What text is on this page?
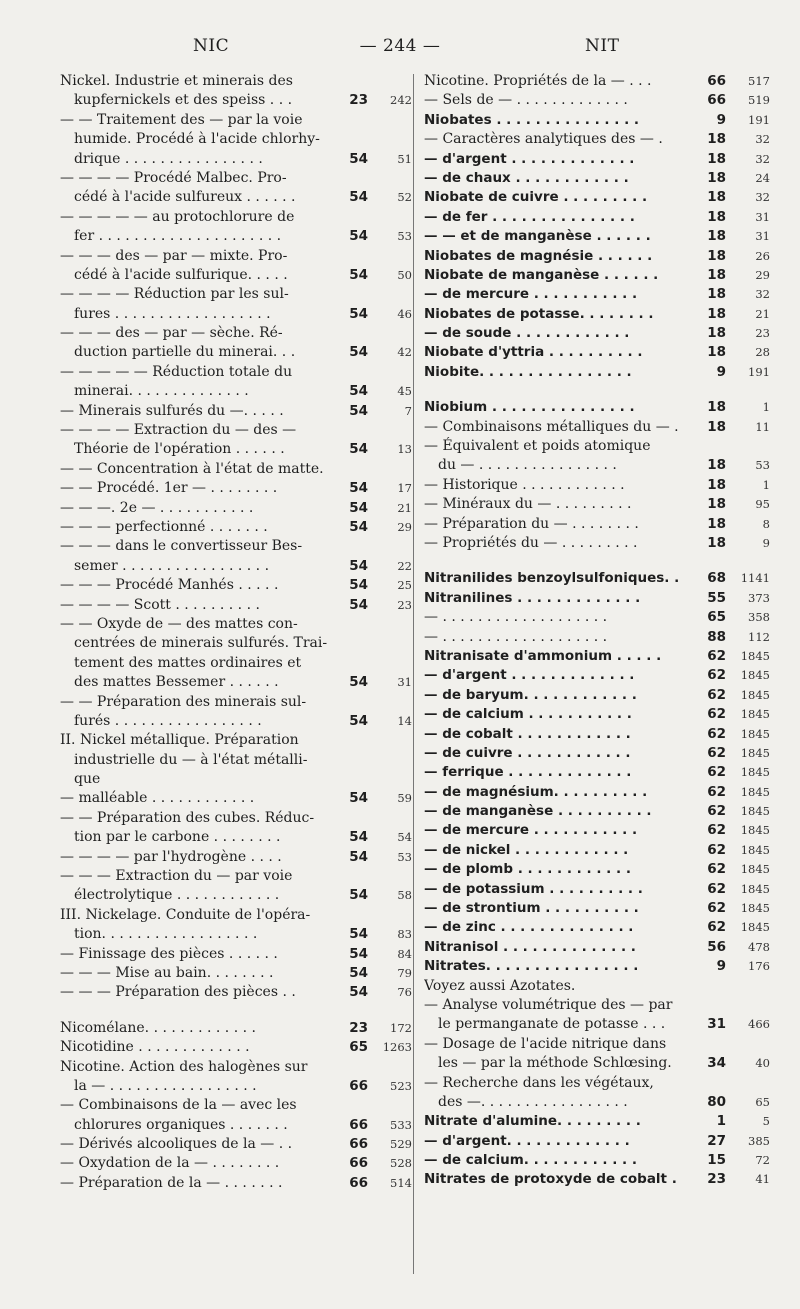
NIC	— 244 —	NIT
Nickel. Industrie et minerais des
kupfernickels et des speiss . . .	23	242
— — Traitement des — par la voie
humide. Procédé à l'acide chlorhy-
drique . . . . . . . . . . . . . . . .	54	51
— — — — Procédé Malbec. Pro-
cédé à l'acide sulfureux . . . . . .	54	52
— — — — — au protochlorure de
fer . . . . . . . . . . . . . . . . . . . . .	54	53
— — — des — par — mixte. Pro-
cédé à l'acide sulfurique. . . . .	54	50
— — — — Réduction par les sul-
fures . . . . . . . . . . . . . . . . . .	54	46
— — — des — par — sèche. Ré-
duction partielle du minerai. . .	54	42
— — — — — Réduction totale du
minerai. . . . . . . . . . . . . .	54	45
— Minerais sulfurés du —. . . . .	54	7
— — — — Extraction du — des —
Théorie de l'opération . . . . . .	54	13
— — Concentration à l'état de matte.
— — Procédé. 1er — . . . . . . . .	54	17
— — —. 2e — . . . . . . . . . . .	54	21
— — — perfectionné . . . . . . .	54	29
— — — dans le convertisseur Bes-
semer . . . . . . . . . . . . . . . . .	54	22
— — — Procédé Manhés . . . . .	54	25
— — — — Scott . . . . . . . . . .	54	23
— — Oxyde de — des mattes con-
centrées de minerais sulfurés. Trai-
tement des mattes ordinaires et
des mattes Bessemer . . . . . .	54	31
— — Préparation des minerais sul-
furés . . . . . . . . . . . . . . . . .	54	14
II. Nickel métallique. Préparation
industrielle du — à l'état métalli-
que
— malléable . . . . . . . . . . . .	54	59
— — Préparation des cubes. Réduc-
tion par le carbone . . . . . . . .	54	54
— — — — par l'hydrogène . . . .	54	53
— — — Extraction du — par voie
électrolytique . . . . . . . . . . . .	54	58
III. Nickelage. Conduite de l'opéra-
tion. . . . . . . . . . . . . . . . . .	54	83
— Finissage des pièces . . . . . .	54	84
— — — Mise au bain. . . . . . . .	54	79
— — — Préparation des pièces . .	54	76
Nicomélane. . . . . . . . . . . . .	23	172
Nicotidine . . . . . . . . . . . . .	65	1263
Nicotine. Action des halogènes sur
la — . . . . . . . . . . . . . . . . .	66	523
— Combinaisons de la — avec les
chlorures organiques . . . . . . .	66	533
— Dérivés alcooliques de la — . .	66	529
— Oxydation de la — . . . . . . . .	66	528
— Préparation de la — . . . . . . .	66	514
Nicotine. Propriétés de la — . . .	66	517
— Sels de — . . . . . . . . . . . . .	66	519
Niobates . . . . . . . . . . . . . . .	9	191
— Caractères analytiques des — .	18	32
— d'argent . . . . . . . . . . . . .	18	32
— de chaux . . . . . . . . . . . .	18	24
Niobate de cuivre . . . . . . . . .	18	32
— de fer . . . . . . . . . . . . . . .	18	31
— — et de manganèse . . . . . .	18	31
Niobates de magnésie . . . . . .	18	26
Niobate de manganèse . . . . . .	18	29
— de mercure . . . . . . . . . . .	18	32
Niobates de potasse. . . . . . . .	18	21
— de soude . . . . . . . . . . . .	18	23
Niobate d'yttria . . . . . . . . . .	18	28
Niobite. . . . . . . . . . . . . . . .	9	191
Niobium . . . . . . . . . . . . . . .	18	1
— Combinaisons métalliques du — .	18	11
— Équivalent et poids atomique
du — . . . . . . . . . . . . . . . .	18	53
— Historique . . . . . . . . . . . .	18	1
— Minéraux du — . . . . . . . . .	18	95
— Préparation du — . . . . . . . .	18	8
— Propriétés du — . . . . . . . . .	18	9
Nitranilides benzoylsulfoniques. .	68	1141
Nitranilines . . . . . . . . . . . . .	55	373
— . . . . . . . . . . . . . . . . . . .	65	358
— . . . . . . . . . . . . . . . . . . .	88	112
Nitranisate d'ammonium . . . . .	62	1845
— d'argent . . . . . . . . . . . . .	62	1845
— de baryum. . . . . . . . . . . .	62	1845
— de calcium . . . . . . . . . . .	62	1845
— de cobalt . . . . . . . . . . . .	62	1845
— de cuivre . . . . . . . . . . . .	62	1845
— ferrique . . . . . . . . . . . . .	62	1845
— de magnésium. . . . . . . . . .	62	1845
— de manganèse . . . . . . . . . .	62	1845
— de mercure . . . . . . . . . . .	62	1845
— de nickel . . . . . . . . . . . .	62	1845
— de plomb . . . . . . . . . . . .	62	1845
— de potassium . . . . . . . . . .	62	1845
— de strontium . . . . . . . . . .	62	1845
— de zinc . . . . . . . . . . . . . .	62	1845
Nitranisol . . . . . . . . . . . . . .	56	478
Nitrates. . . . . . . . . . . . . . . .	9	176
Voyez aussi Azotates.
— Analyse volumétrique des — par
le permanganate de potasse . . .	31	466
— Dosage de l'acide nitrique dans
les — par la méthode Schlœsing.	34	40
— Recherche dans les végétaux,
des —. . . . . . . . . . . . . . . . .	80	65
Nitrate d'alumine. . . . . . . . .	1	5
— d'argent. . . . . . . . . . . . .	27	385
— de calcium. . . . . . . . . . . .	15	72
Nitrates de protoxyde de cobalt .	23	41
